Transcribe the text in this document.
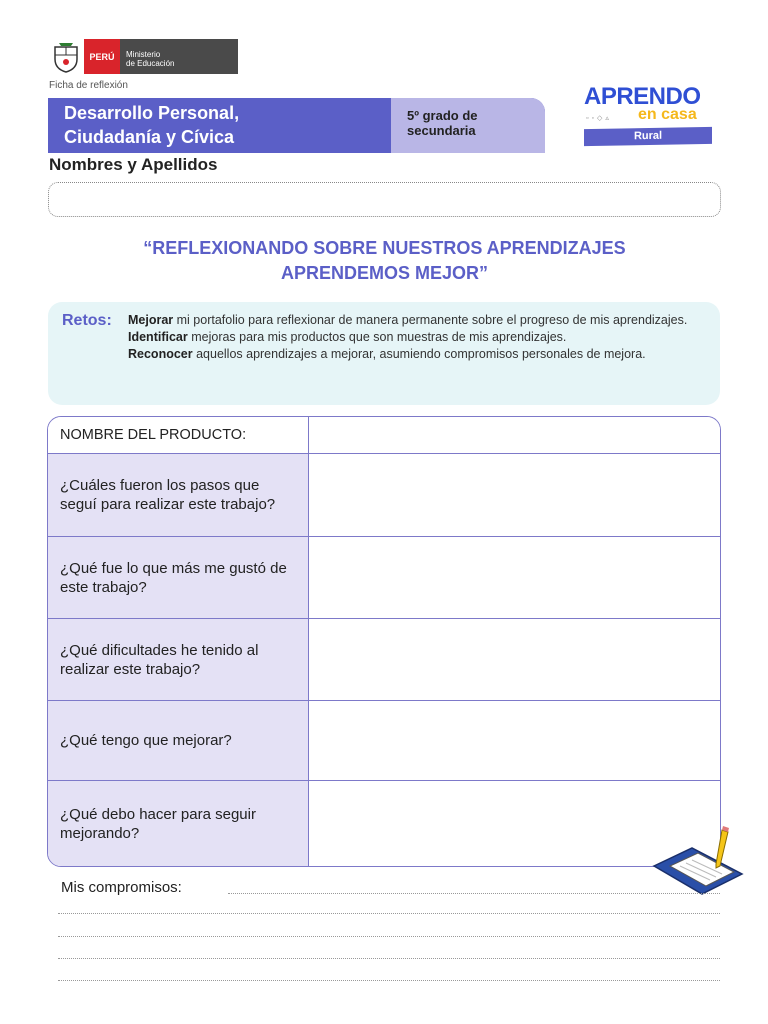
PERÚ	Ministerio
de Educación
Ficha de reflexión
Desarrollo Personal,
Ciudadanía y Cívica
5º grado de
secundaria
APRENDO
▫◦◇▵ en casa
Rural
Nombres y Apellidos
“REFLEXIONANDO SOBRE NUESTROS APRENDIZAJES
APRENDEMOS MEJOR”
Retos: Mejorar mi portafolio para reflexionar de manera permanente sobre el progreso de mis aprendizajes.

Identificar mejoras para mis productos que son muestras de mis aprendizajes.

Reconocer aquellos aprendizajes a mejorar, asumiendo compromisos personales de mejora.

NOMBRE DEL PRODUCTO:
¿Cuáles fueron los pasos que seguí para realizar este trabajo?
¿Qué fue lo que más me gustó de este trabajo?
¿Qué dificultades he tenido al realizar este trabajo?
¿Qué tengo que mejorar?
¿Qué debo hacer para seguir mejorando?
Mis compromisos:
